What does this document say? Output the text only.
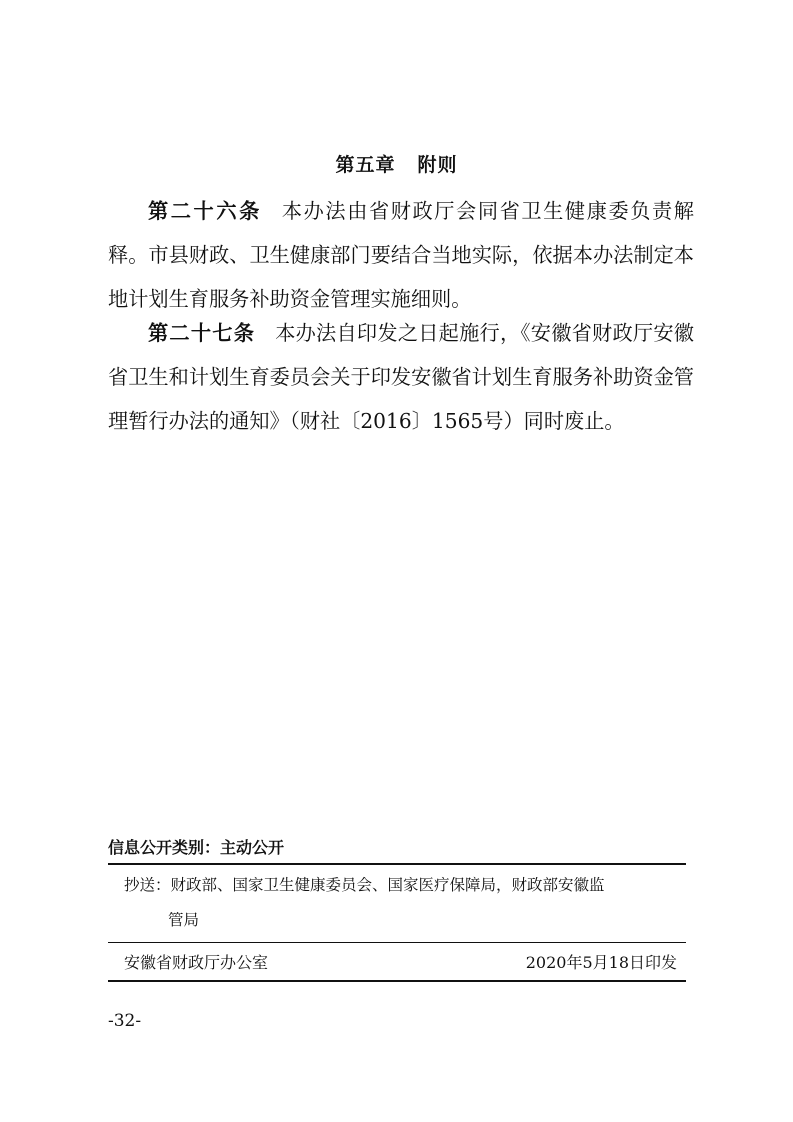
第五章 附则

第二十六条 本办法由省财政厅会同省卫生健康委负责解释。市县财政、卫生健康部门要结合当地实际，依据本办法制定本地计划生育服务补助资金管理实施细则。

第二十七条 本办法自印发之日起施行，《安徽省财政厅安徽省卫生和计划生育委员会关于印发安徽省计划生育服务补助资金管理暂行办法的通知》（财社〔2016〕1565号）同时废止。

信息公开类别：主动公开
抄送：财政部、国家卫生健康委员会、国家医疗保障局，财政部安徽监
管局
安徽省财政厅办公室	2020年5月18日印发
-32-
